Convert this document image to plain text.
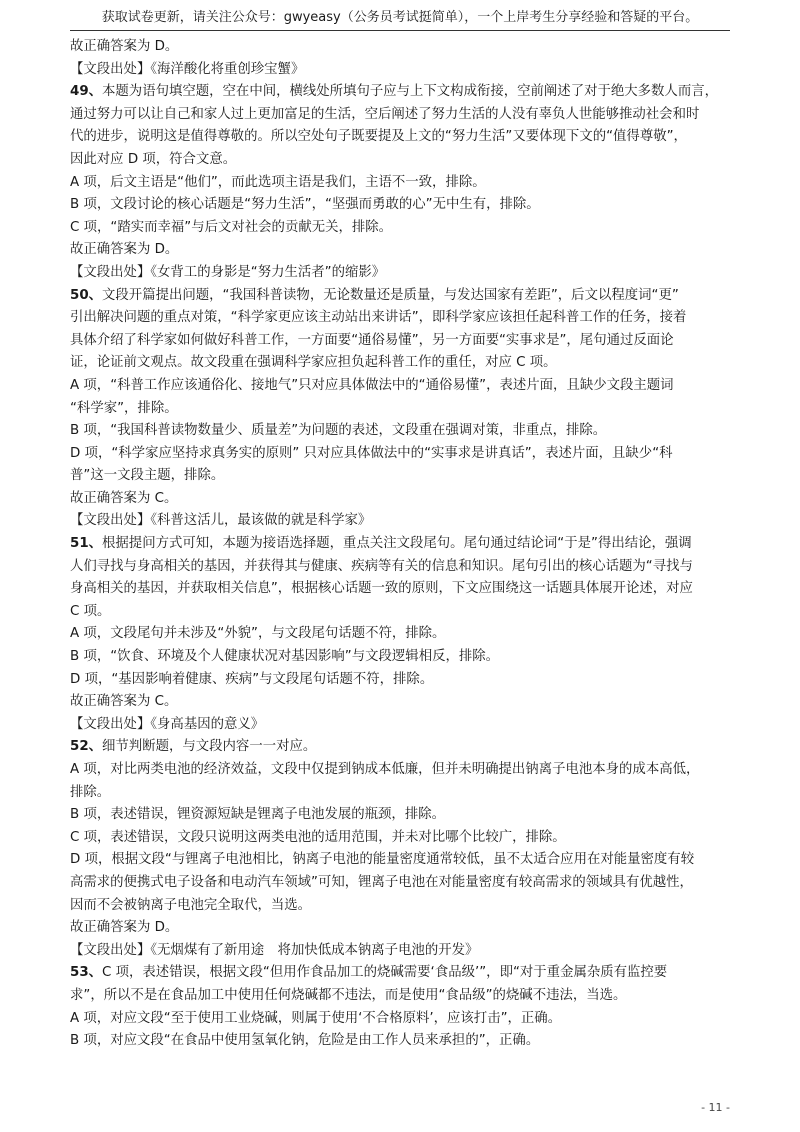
获取试卷更新，请关注公众号：gwyeasy（公务员考试挺简单），一个上岸考生分享经验和答疑的平台。
故正确答案为 D。
【文段出处】《海洋酸化将重创珍宝蟹》
49、本题为语句填空题，空在中间，横线处所填句子应与上下文构成衔接，空前阐述了对于绝大多数人而言，
通过努力可以让自己和家人过上更加富足的生活，空后阐述了努力生活的人没有辜负人世能够推动社会和时
代的进步，说明这是值得尊敬的。所以空处句子既要提及上文的“努力生活”又要体现下文的“值得尊敬”，
因此对应 D 项，符合文意。
A 项，后文主语是“他们”，而此选项主语是我们，主语不一致，排除。
B 项，文段讨论的核心话题是“努力生活”，“坚强而勇敢的心”无中生有，排除。
C 项，“踏实而幸福”与后文对社会的贡献无关，排除。
故正确答案为 D。
【文段出处】《女背工的身影是“努力生活者”的缩影》
50、文段开篇提出问题，“我国科普读物，无论数量还是质量，与发达国家有差距”，后文以程度词“更”
引出解决问题的重点对策，“科学家更应该主动站出来讲话”，即科学家应该担任起科普工作的任务，接着
具体介绍了科学家如何做好科普工作，一方面要“通俗易懂”，另一方面要“实事求是”，尾句通过反面论
证，论证前文观点。故文段重在强调科学家应担负起科普工作的重任，对应 C 项。
A 项，“科普工作应该通俗化、接地气”只对应具体做法中的“通俗易懂”，表述片面，且缺少文段主题词
“科学家”，排除。
B 项，“我国科普读物数量少、质量差”为问题的表述，文段重在强调对策，非重点，排除。
D 项，“科学家应坚持求真务实的原则” 只对应具体做法中的“实事求是讲真话”，表述片面，且缺少“科
普”这一文段主题，排除。
故正确答案为 C。
【文段出处】《科普这活儿，最该做的就是科学家》
51、根据提问方式可知，本题为接语选择题，重点关注文段尾句。尾句通过结论词“于是”得出结论，强调
人们寻找与身高相关的基因，并获得其与健康、疾病等有关的信息和知识。尾句引出的核心话题为“寻找与
身高相关的基因，并获取相关信息”，根据核心话题一致的原则，下文应围绕这一话题具体展开论述，对应
C 项。
A 项，文段尾句并未涉及“外貌”，与文段尾句话题不符，排除。
B 项，“饮食、环境及个人健康状况对基因影响”与文段逻辑相反，排除。
D 项，“基因影响着健康、疾病”与文段尾句话题不符，排除。
故正确答案为 C。
【文段出处】《身高基因的意义》
52、细节判断题，与文段内容一一对应。
A 项，对比两类电池的经济效益，文段中仅提到钠成本低廉，但并未明确提出钠离子电池本身的成本高低，
排除。
B 项，表述错误，锂资源短缺是锂离子电池发展的瓶颈，排除。
C 项，表述错误，文段只说明这两类电池的适用范围，并未对比哪个比较广，排除。
D 项，根据文段“与锂离子电池相比，钠离子电池的能量密度通常较低，虽不太适合应用在对能量密度有较
高需求的便携式电子设备和电动汽车领域”可知，锂离子电池在对能量密度有较高需求的领域具有优越性，
因而不会被钠离子电池完全取代，当选。
故正确答案为 D。
【文段出处】《无烟煤有了新用途　将加快低成本钠离子电池的开发》
53、C 项，表述错误，根据文段“但用作食品加工的烧碱需要‘食品级’”，即“对于重金属杂质有监控要
求”，所以不是在食品加工中使用任何烧碱都不违法，而是使用“食品级”的烧碱不违法，当选。
A 项，对应文段“至于使用工业烧碱，则属于使用‘不合格原料’，应该打击”，正确。
B 项，对应文段“在食品中使用氢氧化钠，危险是由工作人员来承担的”，正确。
- 11 -
